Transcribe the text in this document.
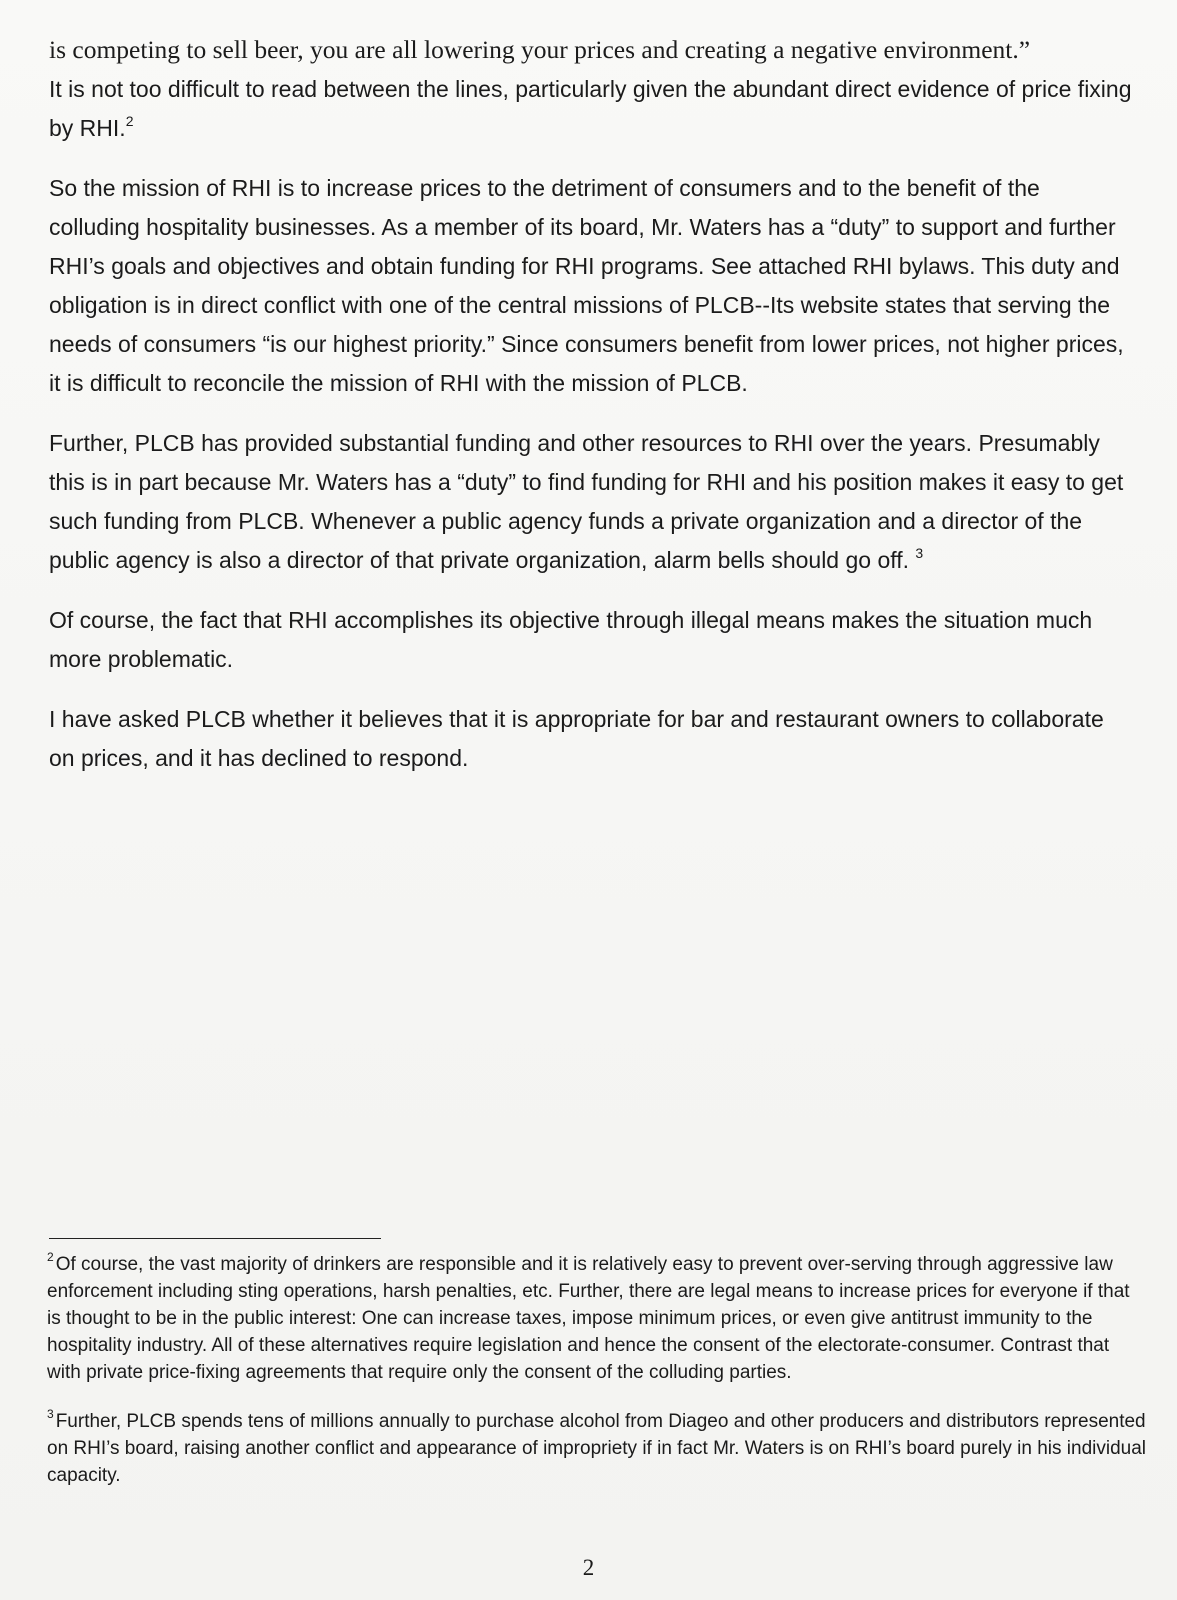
is competing to sell beer, you are all lowering your prices and creating a negative environment.”
It is not too difficult to read between the lines, particularly given the abundant direct evidence of price fixing by RHI.$^2$

So the mission of RHI is to increase prices to the detriment of consumers and to the benefit of the colluding hospitality businesses. As a member of its board, Mr. Waters has a “duty” to support and further RHI’s goals and objectives and obtain funding for RHI programs. See attached RHI bylaws. This duty and obligation is in direct conflict with one of the central missions of PLCB--Its website states that serving the needs of consumers “is our highest priority.” Since consumers benefit from lower prices, not higher prices, it is difficult to reconcile the mission of RHI with the mission of PLCB.

Further, PLCB has provided substantial funding and other resources to RHI over the years. Presumably this is in part because Mr. Waters has a “duty” to find funding for RHI and his position makes it easy to get such funding from PLCB. Whenever a public agency funds a private organization and a director of the public agency is also a director of that private organization, alarm bells should go off. $^3$

Of course, the fact that RHI accomplishes its objective through illegal means makes the situation much more problematic.

I have asked PLCB whether it believes that it is appropriate for bar and restaurant owners to collaborate on prices, and it has declined to respond.

$^2$ Of course, the vast majority of drinkers are responsible and it is relatively easy to prevent over-serving through aggressive law enforcement including sting operations, harsh penalties, etc. Further, there are legal means to increase prices for everyone if that is thought to be in the public interest: One can increase taxes, impose minimum prices, or even give antitrust immunity to the hospitality industry. All of these alternatives require legislation and hence the consent of the electorate-consumer. Contrast that with private price-fixing agreements that require only the consent of the colluding parties.

$^3$ Further, PLCB spends tens of millions annually to purchase alcohol from Diageo and other producers and distributors represented on RHI’s board, raising another conflict and appearance of impropriety if in fact Mr. Waters is on RHI’s board purely in his individual capacity.

2
